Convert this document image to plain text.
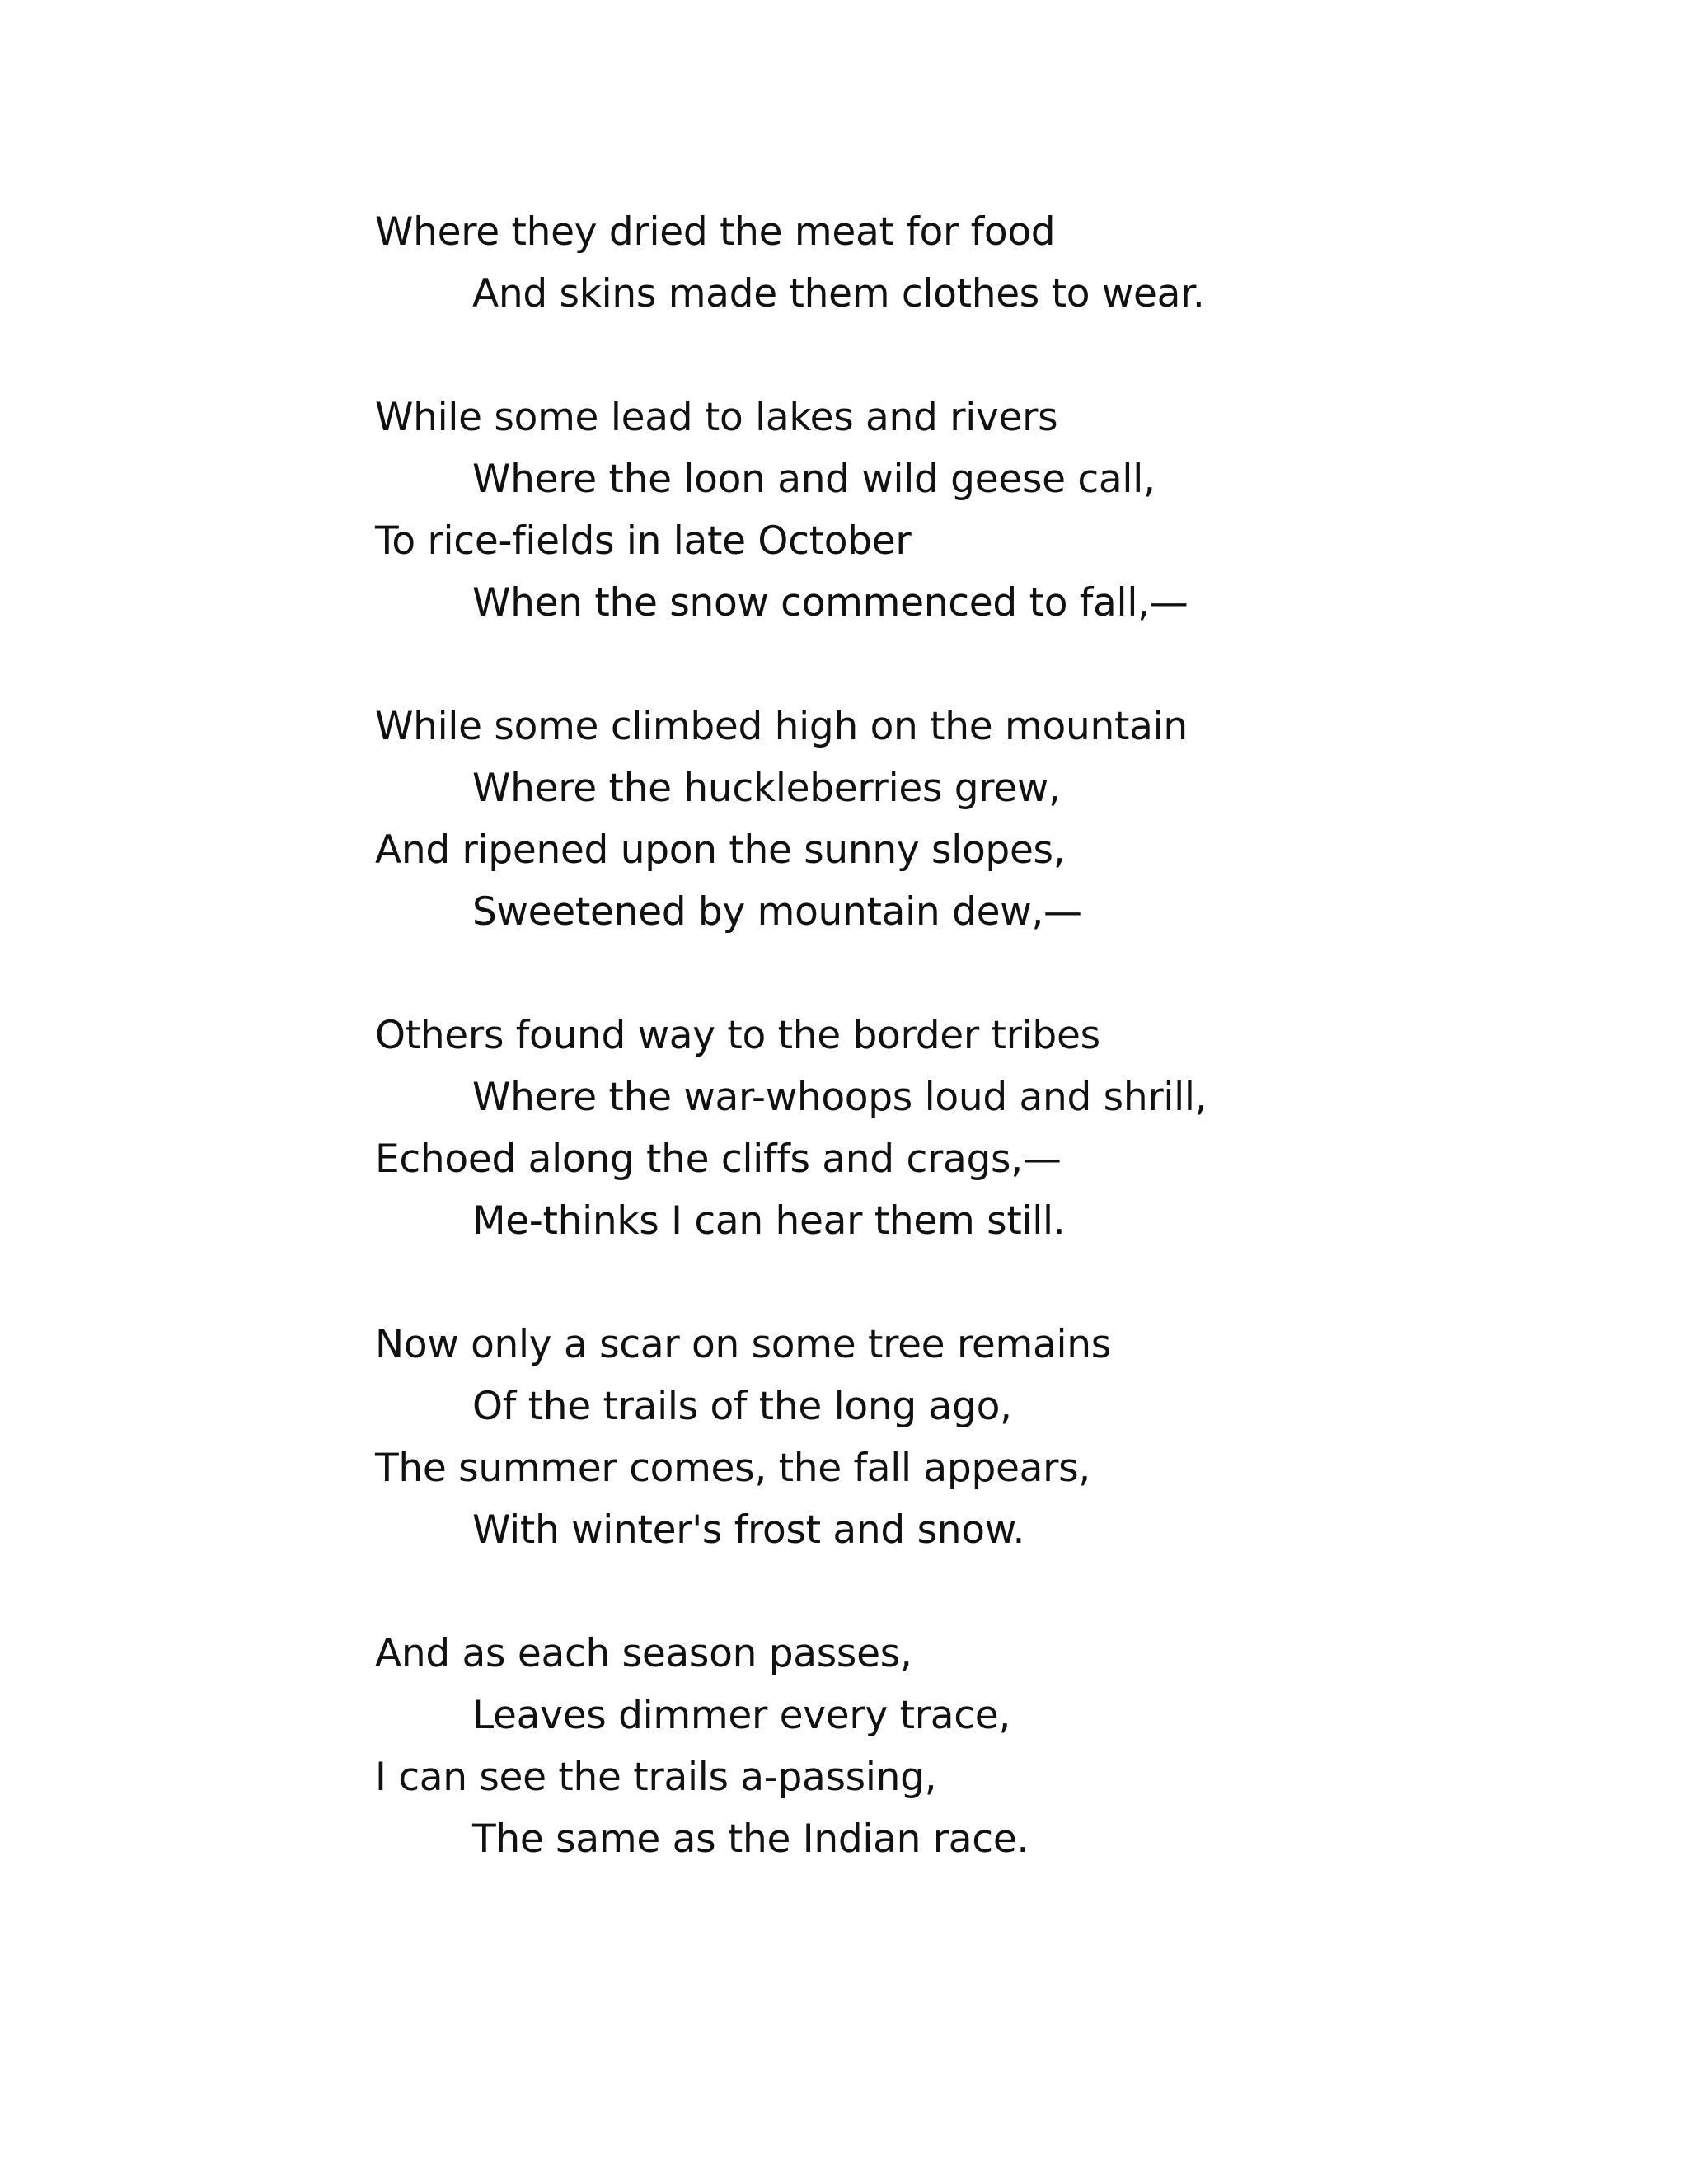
Where they dried the meat for food
And skins made them clothes to wear.
While some lead to lakes and rivers
Where the loon and wild geese call,
To rice-fields in late October
When the snow commenced to fall,—
While some climbed high on the mountain
Where the huckleberries grew,
And ripened upon the sunny slopes,
Sweetened by mountain dew,—
Others found way to the border tribes
Where the war-whoops loud and shrill,
Echoed along the cliffs and crags,—
Me-thinks I can hear them still.
Now only a scar on some tree remains
Of the trails of the long ago,
The summer comes, the fall appears,
With winter's frost and snow.
And as each season passes,
Leaves dimmer every trace,
I can see the trails a-passing,
The same as the Indian race.
